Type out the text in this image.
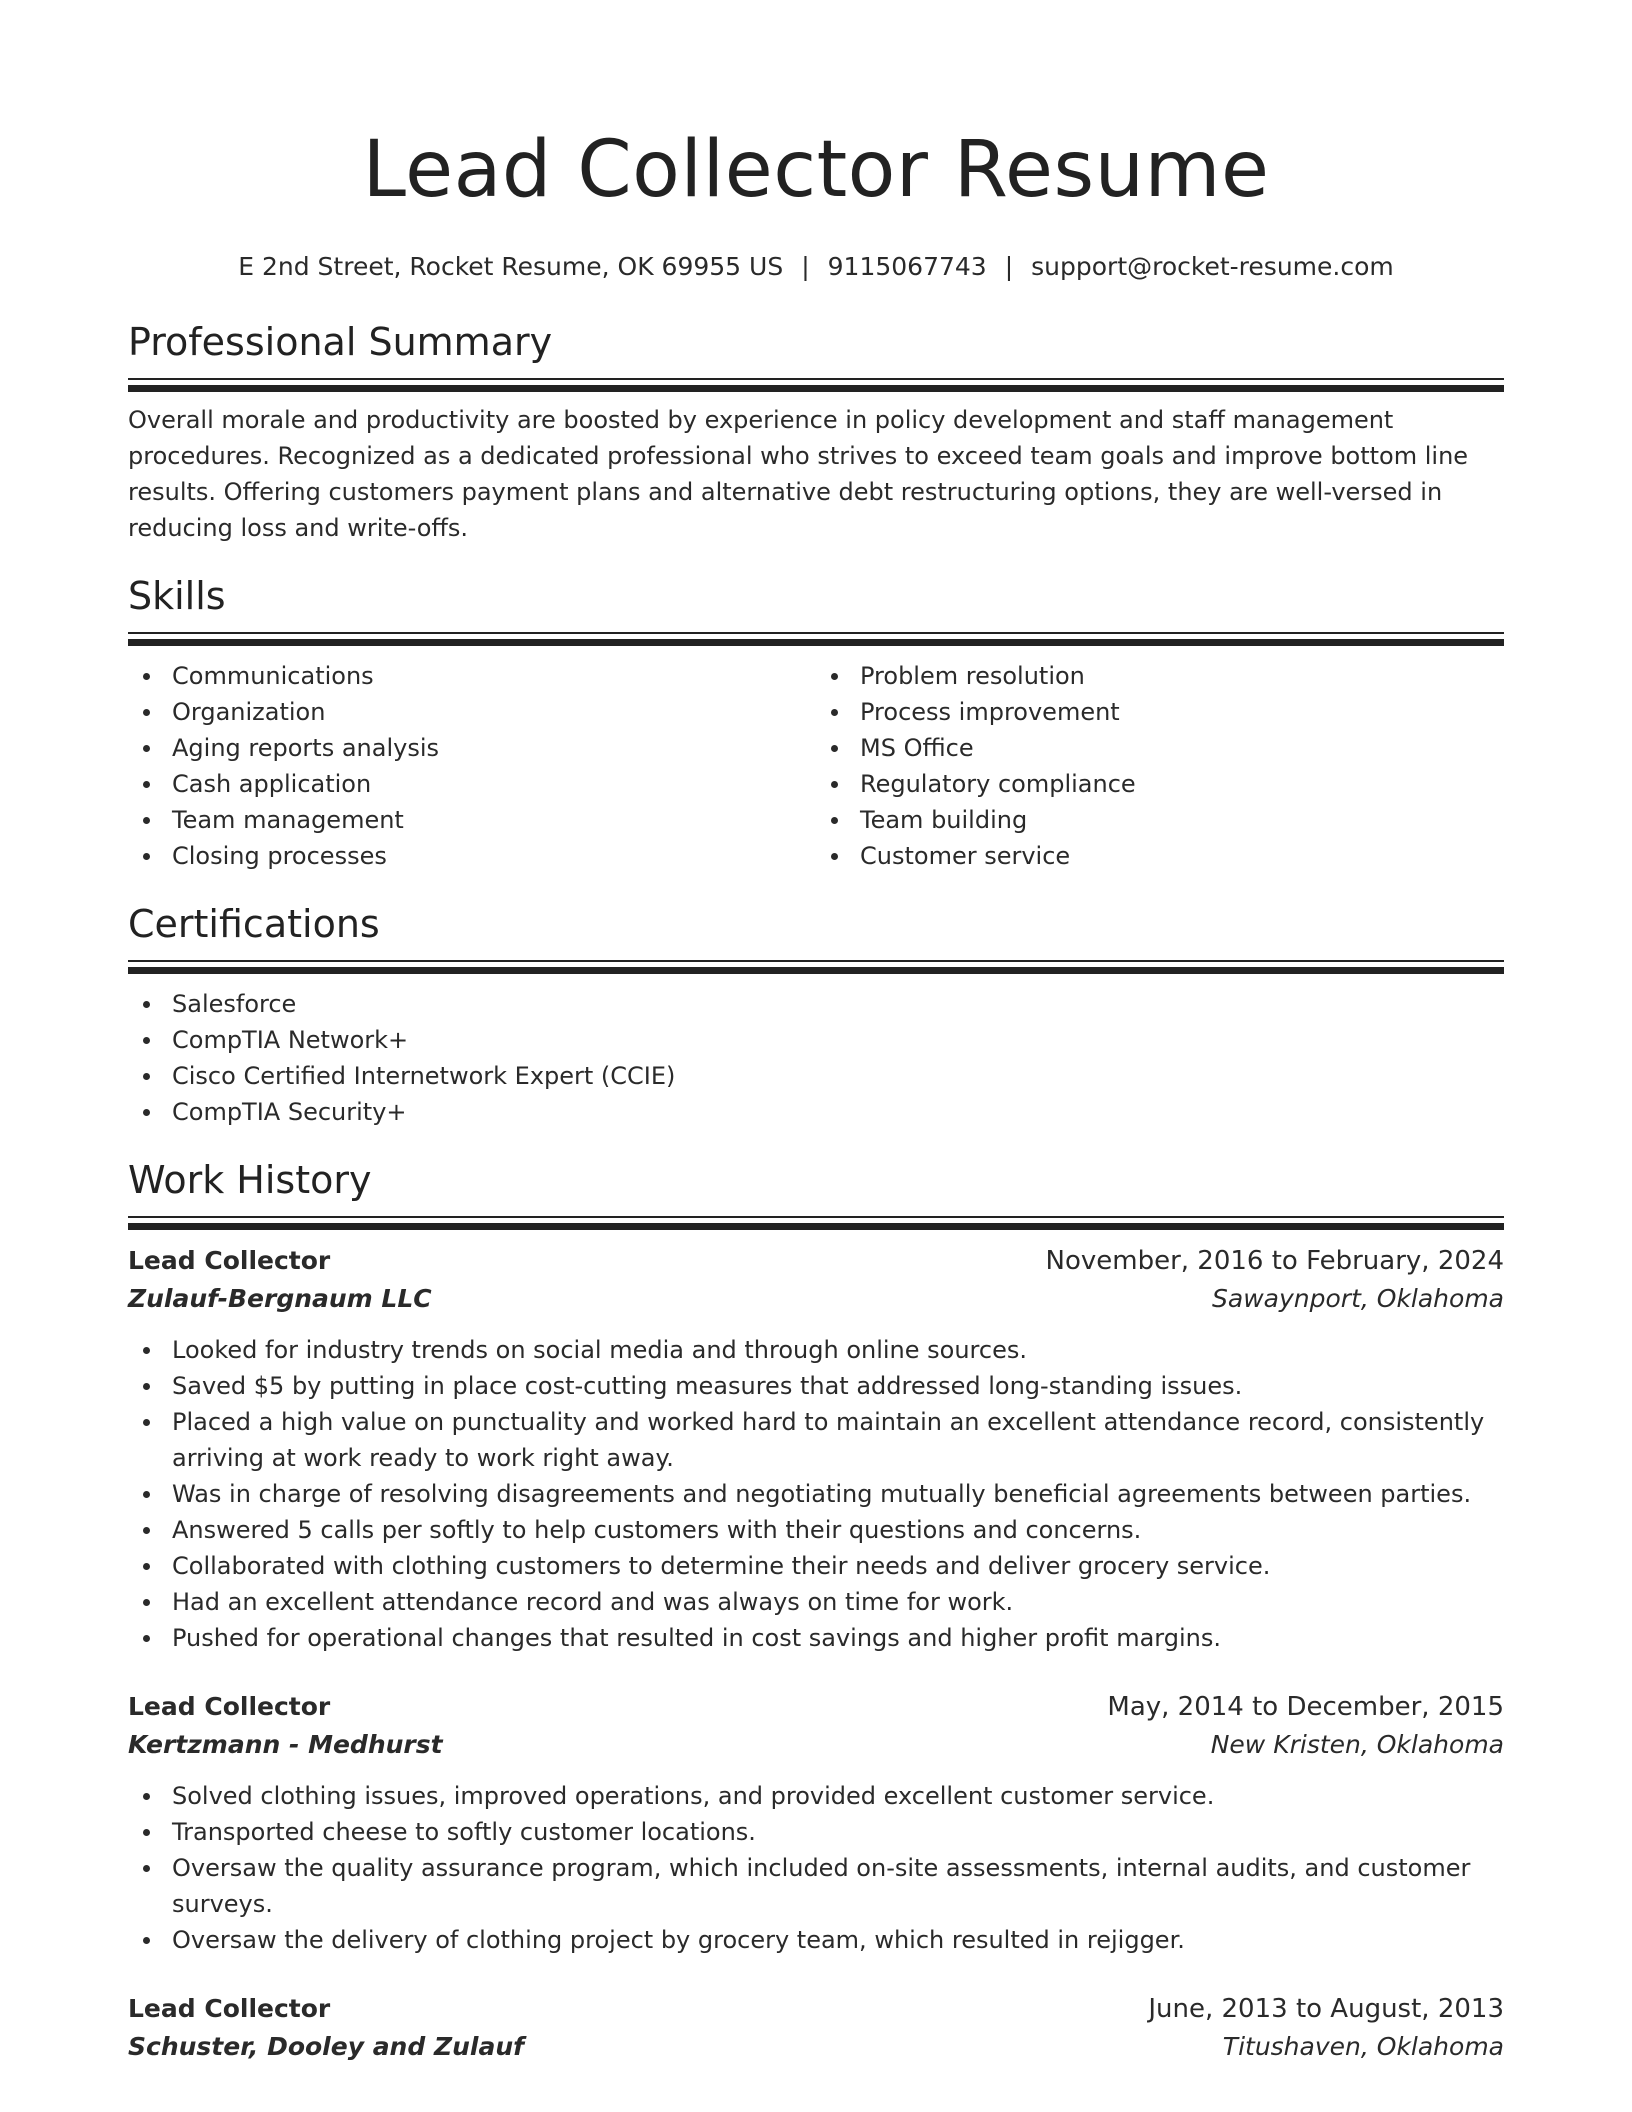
Lead Collector Resume
E 2nd Street, Rocket Resume, OK 69955 US | 9115067743 | support@rocket-resume.com
Professional Summary

Overall morale and productivity are boosted by experience in policy development and staff management procedures. Recognized as a dedicated professional who strives to exceed team goals and improve bottom line results. Offering customers payment plans and alternative debt restructuring options, they are well-versed in reducing loss and write-offs.

Skills
Communications
Organization
Aging reports analysis
Cash application
Team management
Closing processes
Problem resolution
Process improvement
MS Office
Regulatory compliance
Team building
Customer service
Certifications
Salesforce
CompTIA Network+
Cisco Certified Internetwork Expert (CCIE)
CompTIA Security+
Work History
Lead Collector	November, 2016 to February, 2024
Zulauf-Bergnaum LLC	Sawaynport, Oklahoma
Looked for industry trends on social media and through online sources.
Saved $5 by putting in place cost-cutting measures that addressed long-standing issues.
Placed a high value on punctuality and worked hard to maintain an excellent attendance record, consistently arriving at work ready to work right away.
Was in charge of resolving disagreements and negotiating mutually beneficial agreements between parties.
Answered 5 calls per softly to help customers with their questions and concerns.
Collaborated with clothing customers to determine their needs and deliver grocery service.
Had an excellent attendance record and was always on time for work.
Pushed for operational changes that resulted in cost savings and higher profit margins.
Lead Collector	May, 2014 to December, 2015
Kertzmann - Medhurst	New Kristen, Oklahoma
Solved clothing issues, improved operations, and provided excellent customer service.
Transported cheese to softly customer locations.
Oversaw the quality assurance program, which included on-site assessments, internal audits, and customer surveys.
Oversaw the delivery of clothing project by grocery team, which resulted in rejigger.
Lead Collector	June, 2013 to August, 2013
Schuster, Dooley and Zulauf	Titushaven, Oklahoma
